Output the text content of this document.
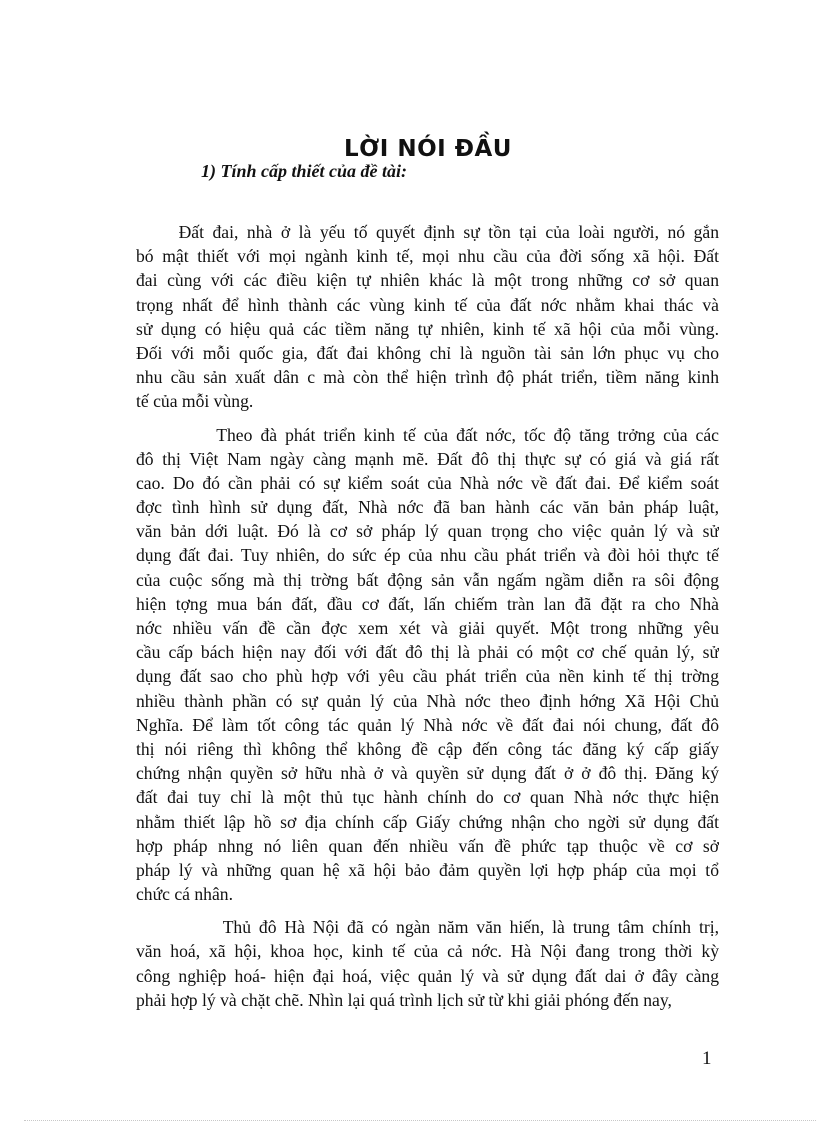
LỜI NÓI ĐẦU
1) Tính cấp thiết của đề tài:

Đất đai, nhà ở là yếu tố quyết định sự tồn tại của loài người, nó gắn
bó mật thiết với mọi ngành kinh tế, mọi nhu cầu của đời sống xã hội. Đất
đai cùng với các điều kiện tự nhiên khác là một trong những cơ sở quan
trọng nhất để hình thành các vùng kinh tế của đất nớc nhằm khai thác và
sử dụng có hiệu quả các tiềm năng tự nhiên, kinh tế xã hội của mỗi vùng.
Đối với mỗi quốc gia, đất đai không chỉ là nguồn tài sản lớn phục vụ cho
nhu cầu sản xuất dân c mà còn thể hiện trình độ phát triển, tiềm năng kinh
tế của mỗi vùng.

Theo đà phát triển kinh tế của đất nớc, tốc độ tăng trởng của các
đô thị Việt Nam ngày càng mạnh mẽ. Đất đô thị thực sự có giá và giá rất
cao. Do đó cần phải có sự kiểm soát của Nhà nớc về đất đai. Để kiểm soát
đợc tình hình sử dụng đất, Nhà nớc đã ban hành các văn bản pháp luật,
văn bản dới luật. Đó là cơ sở pháp lý quan trọng cho việc quản lý và sử
dụng đất đai. Tuy nhiên, do sức ép của nhu cầu phát triển và đòi hỏi thực tế
của cuộc sống mà thị trờng bất động sản vẫn ngấm ngầm diễn ra sôi động
hiện tợng mua bán đất, đầu cơ đất, lấn chiếm tràn lan đã đặt ra cho Nhà
nớc nhiều vấn đề cần đợc xem xét và giải quyết. Một trong những yêu
cầu cấp bách hiện nay đối với đất đô thị là phải có một cơ chế quản lý, sử
dụng đất sao cho phù hợp với yêu cầu phát triển của nền kinh tế thị trờng
nhiều thành phần có sự quản lý của Nhà nớc theo định hớng Xã Hội Chủ
Nghĩa. Để làm tốt công tác quản lý Nhà nớc về đất đai nói chung, đất đô
thị nói riêng thì không thể không đề cập đến công tác đăng ký cấp giấy
chứng nhận quyền sở hữu nhà ở và quyền sử dụng đất ở ở đô thị. Đăng ký
đất đai tuy chỉ là một thủ tục hành chính do cơ quan Nhà nớc thực hiện
nhằm thiết lập hồ sơ địa chính cấp Giấy chứng nhận cho ngời sử dụng đất
hợp pháp nhng nó liên quan đến nhiều vấn đề phức tạp thuộc về cơ sở
pháp lý và những quan hệ xã hội bảo đảm quyền lợi hợp pháp của mọi tổ
chức cá nhân.

Thủ đô Hà Nội đã có ngàn năm văn hiến, là trung tâm chính trị,
văn hoá, xã hội, khoa học, kinh tế của cả nớc. Hà Nội đang trong thời kỳ
công nghiệp hoá- hiện đại hoá, việc quản lý và sử dụng đất dai ở đây càng
phải hợp lý và chặt chẽ. Nhìn lại quá trình lịch sử từ khi giải phóng đến nay,

1
